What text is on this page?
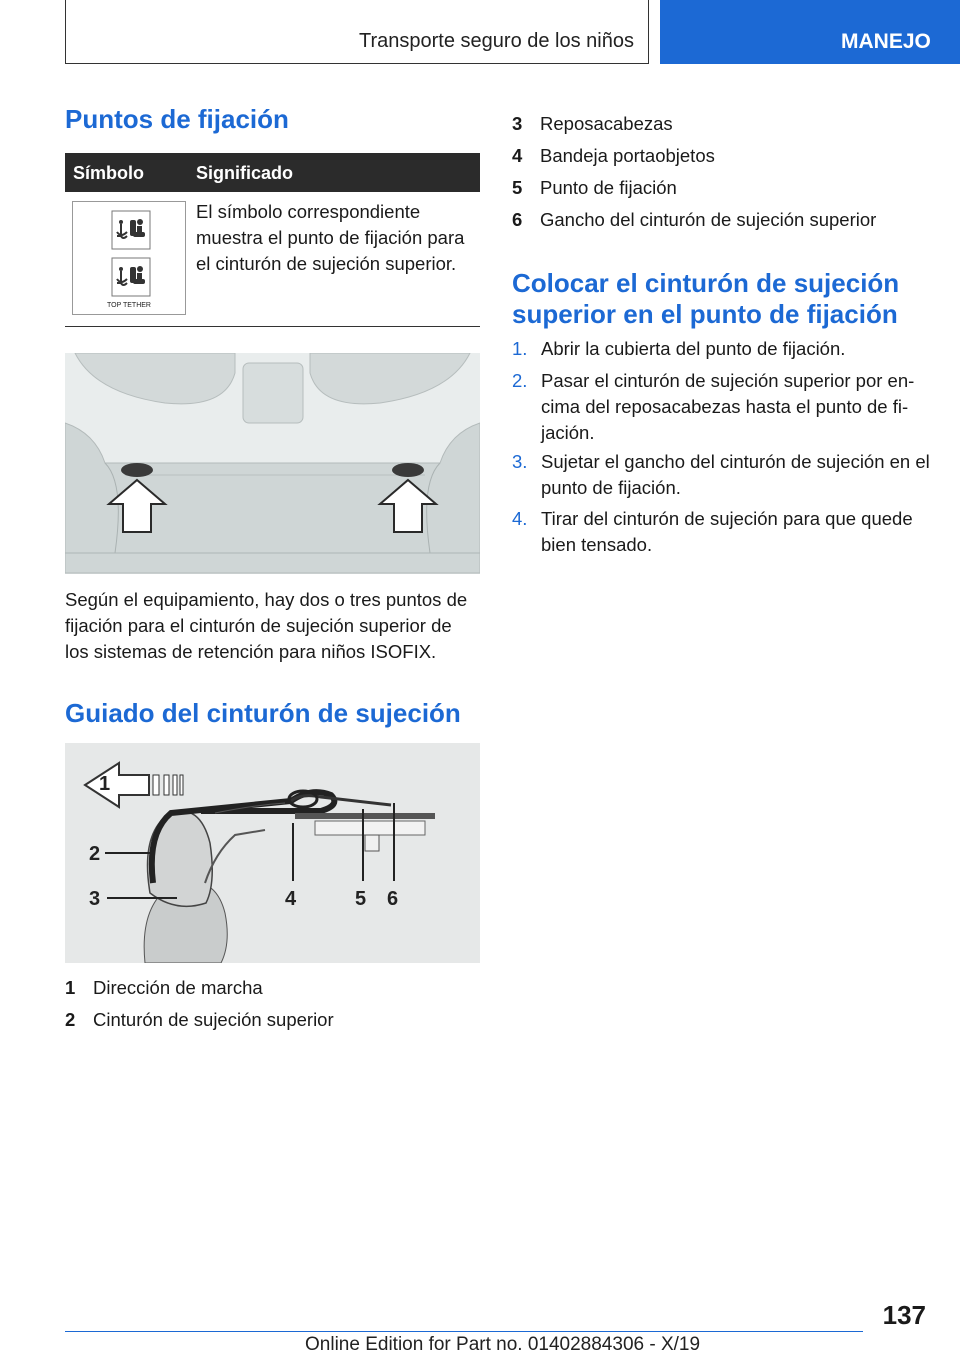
Transporte seguro de los niños	MANEJO
Puntos de fijación
Símbolo	Significado
TOP TETHER
El símbolo correspondiente muestra el punto de fijación para el cinturón de sujeción superior.
Según el equipamiento, hay dos o tres puntos de fijación para el cinturón de sujeción superior de los sistemas de retención para niños ISOFIX.
Guiado del cinturón de sujeción
1
2
3	4	5 6
1 Dirección de marcha
2 Cinturón de sujeción superior
3 Reposacabezas
4 Bandeja portaobjetos
5 Punto de fijación
6 Gancho del cinturón de sujeción superior
Colocar el cinturón de sujeción superior en el punto de fijación
1. Abrir la cubierta del punto de fijación.
2. Pasar el cinturón de sujeción superior por encima del reposacabezas hasta el punto de fijación.
3. Sujetar el gancho del cinturón de sujeción en el punto de fijación.
4. Tirar del cinturón de sujeción para que quede bien tensado.
137
Online Edition for Part no. 01402884306 - X/19
